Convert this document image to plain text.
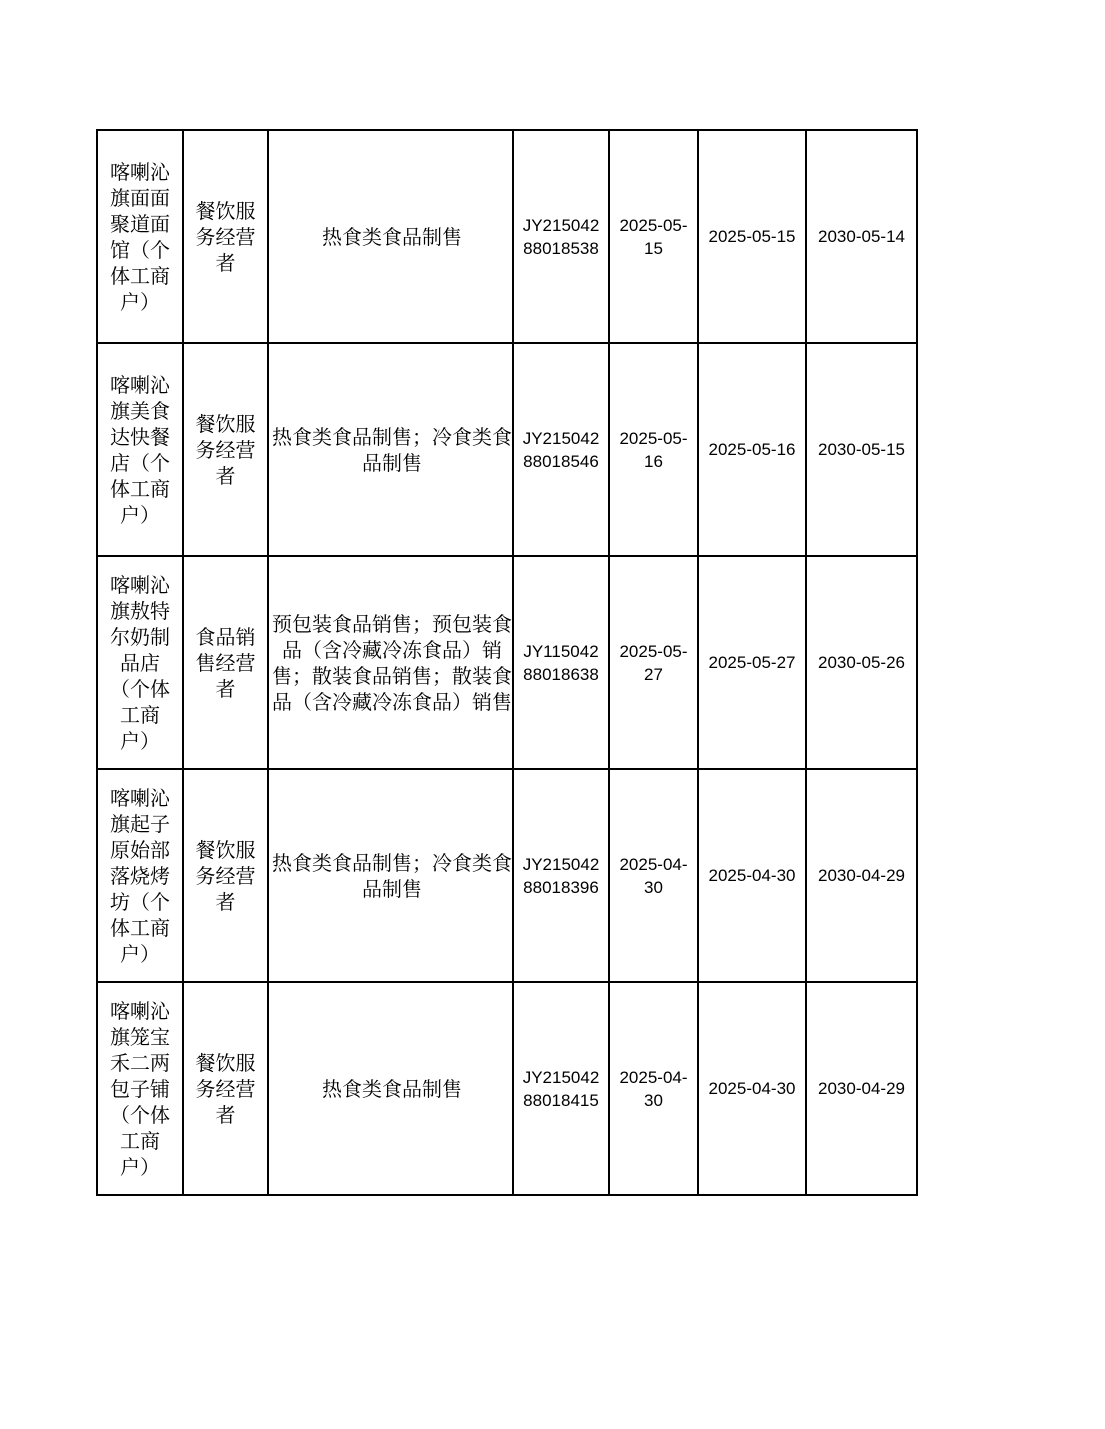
喀喇沁旗面面聚道面馆（个体工商户）	餐饮服务经营者	热食类食品制售	JY21504288018538	2025-05-15	2025-05-15	2030-05-14
喀喇沁旗美食达快餐店（个体工商户）	餐饮服务经营者	热食类食品制售；冷食类食品制售	JY21504288018546	2025-05-16	2025-05-16	2030-05-15
喀喇沁旗敖特尔奶制品店（个体工商户）	食品销售经营者	预包装食品销售；预包装食品（含冷藏冷冻食品）销售；散装食品销售；散装食品（含冷藏冷冻食品）销售	JY11504288018638	2025-05-27	2025-05-27	2030-05-26
喀喇沁旗起子原始部落烧烤坊（个体工商户）	餐饮服务经营者	热食类食品制售；冷食类食品制售	JY21504288018396	2025-04-30	2025-04-30	2030-04-29
喀喇沁旗笼宝禾二两包子铺（个体工商户）	餐饮服务经营者	热食类食品制售	JY21504288018415	2025-04-30	2025-04-30	2030-04-29
